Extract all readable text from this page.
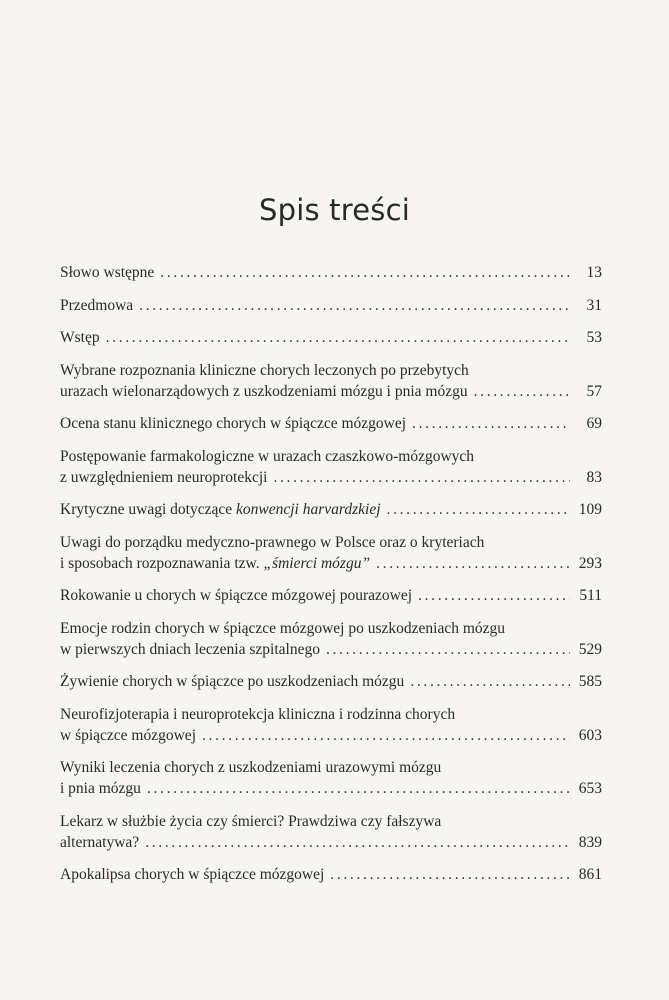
Spis treści
Słowo wstępne . . .	13
Przedmowa . . .	31
Wstęp . . .	53
Wybrane rozpoznania kliniczne chorych leczonych po przebytych
urazach wielonarządowych z uszkodzeniami mózgu i pnia mózgu . . .	57
Ocena stanu klinicznego chorych w śpiączce mózgowej . . .	69
Postępowanie farmakologiczne w urazach czaszkowo-mózgowych
z uwzględnieniem neuroprotekcji . . .	83
Krytyczne uwagi dotyczące konwencji harvardzkiej . . .	109
Uwagi do porządku medyczno-prawnego w Polsce oraz o kryteriach
i sposobach rozpoznawania tzw. „śmierci mózgu” . . .	293
Rokowanie u chorych w śpiączce mózgowej pourazowej . . .	511
Emocje rodzin chorych w śpiączce mózgowej po uszkodzeniach mózgu
w pierwszych dniach leczenia szpitalnego . . .	529
Żywienie chorych w śpiączce po uszkodzeniach mózgu . . .	585
Neurofizjoterapia i neuroprotekcja kliniczna i rodzinna chorych
w śpiączce mózgowej . . .	603
Wyniki leczenia chorych z uszkodzeniami urazowymi mózgu
i pnia mózgu . . .	653
Lekarz w służbie życia czy śmierci? Prawdziwa czy fałszywa
alternatywa? . . .	839
Apokalipsa chorych w śpiączce mózgowej . . .	861
